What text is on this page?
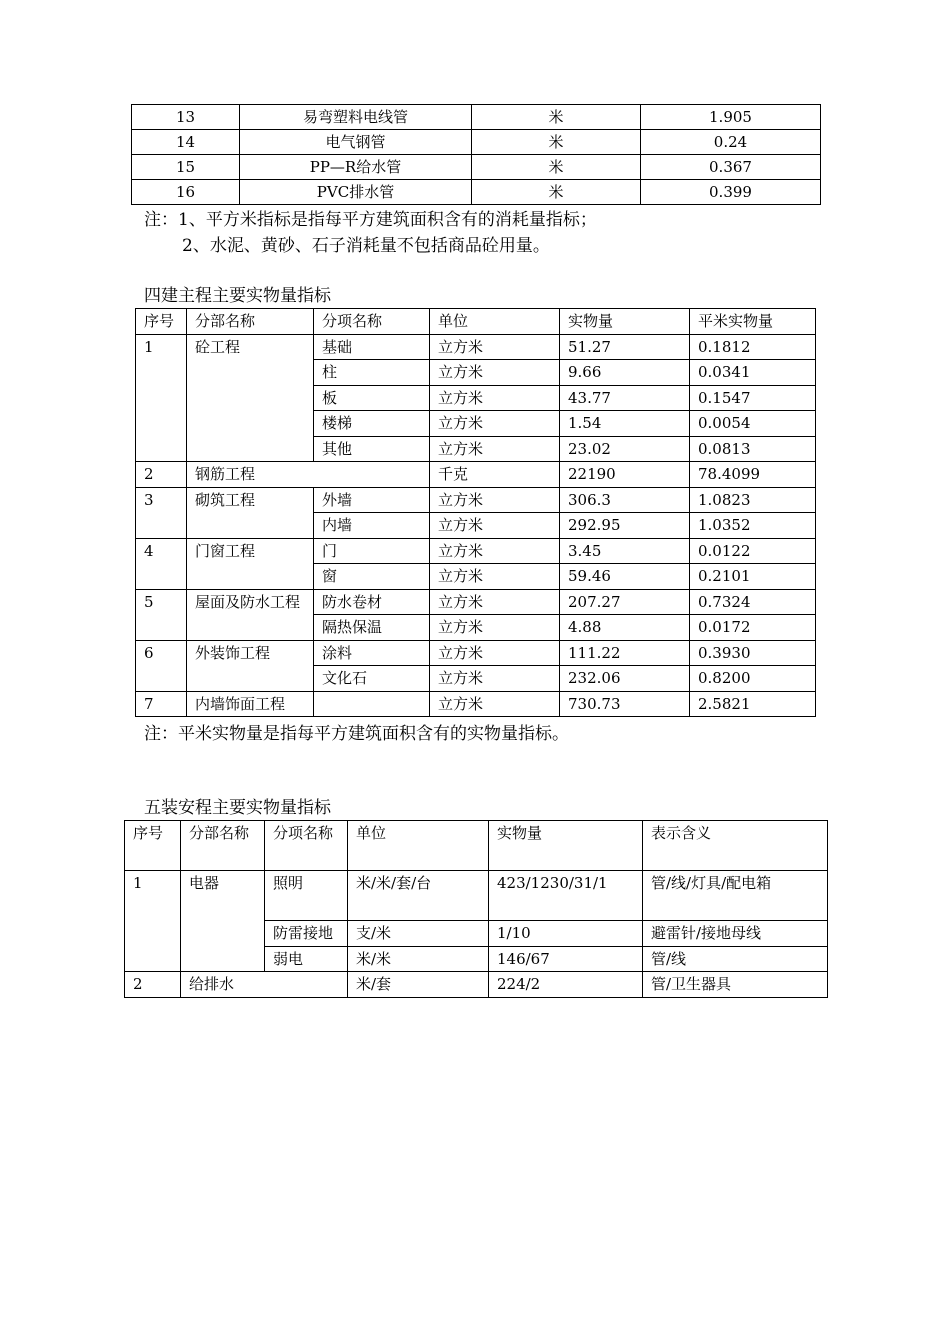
13	易弯塑料电线管	米	1.905
14	电气钢管	米	0.24
15	PP—R给水管	米	0.367
16	PVC排水管	米	0.399
注：1、平方米指标是指每平方建筑面积含有的消耗量指标；
2、水泥、黄砂、石子消耗量不包括商品砼用量。
四建主程主要实物量指标
序号	分部名称	分项名称	单位	实物量	平米实物量
1	砼工程	基础	立方米	51.27	0.1812
		柱	立方米	9.66	0.0341
		板	立方米	43.77	0.1547
		楼梯	立方米	1.54	0.0054
		其他	立方米	23.02	0.0813
2	钢筋工程		千克	22190	78.4099
3	砌筑工程	外墙	立方米	306.3	1.0823
		内墙	立方米	292.95	1.0352
4	门窗工程	门	立方米	3.45	0.0122
		窗	立方米	59.46	0.2101
5	屋面及防水工程	防水卷材	立方米	207.27	0.7324
		隔热保温	立方米	4.88	0.0172
6	外装饰工程	涂料	立方米	111.22	0.3930
		文化石	立方米	232.06	0.8200
7	内墙饰面工程		立方米	730.73	2.5821
注：平米实物量是指每平方建筑面积含有的实物量指标。
五装安程主要实物量指标
序号	分部名称	分项名称	单位	实物量	表示含义
1	电器	照明	米/米/套/台	423/1230/31/1	管/线/灯具/配电箱
		防雷接地	支/米	1/10	避雷针/接地母线
		弱电	米/米	146/67	管/线
2	给排水		米/套	224/2	管/卫生器具
